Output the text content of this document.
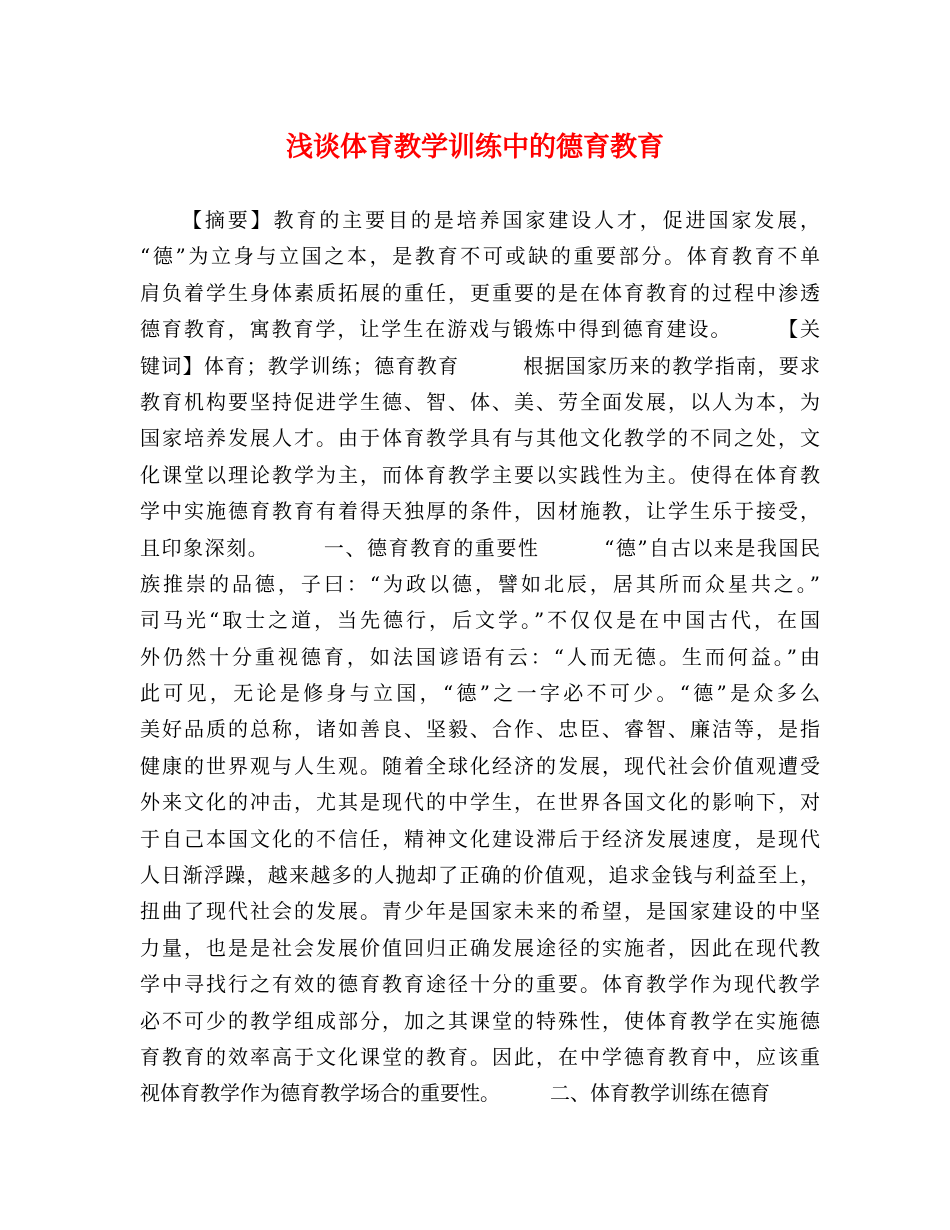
浅谈体育教学训练中的德育教育
【摘要】教育的主要目的是培养国家建设人才，促进国家发展，
“德”为立身与立国之本，是教育不可或缺的重要部分。体育教育不单
肩负着学生身体素质拓展的重任，更重要的是在体育教育的过程中渗透
德育教育，寓教育学，让学生在游戏与锻炼中得到德育建设。　　　【关
键词】体育；教学训练；德育教育　　　根据国家历来的教学指南，要求
教育机构要坚持促进学生德、智、体、美、劳全面发展，以人为本，为
国家培养发展人才。由于体育教学具有与其他文化教学的不同之处，文
化课堂以理论教学为主，而体育教学主要以实践性为主。使得在体育教
学中实施德育教育有着得天独厚的条件，因材施教，让学生乐于接受，
且印象深刻。　　　一、德育教育的重要性　　　“德”自古以来是我国民
族推崇的品德，子曰：“为政以德，譬如北辰，居其所而众星共之。”
司马光“取士之道，当先德行，后文学。”不仅仅是在中国古代，在国
外仍然十分重视德育，如法国谚语有云：“人而无德。生而何益。”由
此可见，无论是修身与立国，“德”之一字必不可少。“德”是众多么
美好品质的总称，诸如善良、坚毅、合作、忠臣、睿智、廉洁等，是指
健康的世界观与人生观。随着全球化经济的发展，现代社会价值观遭受
外来文化的冲击，尤其是现代的中学生，在世界各国文化的影响下，对
于自己本国文化的不信任，精神文化建设滞后于经济发展速度，是现代
人日渐浮躁，越来越多的人抛却了正确的价值观，追求金钱与利益至上，
扭曲了现代社会的发展。青少年是国家未来的希望，是国家建设的中坚
力量，也是是社会发展价值回归正确发展途径的实施者，因此在现代教
学中寻找行之有效的德育教育途径十分的重要。体育教学作为现代教学
必不可少的教学组成部分，加之其课堂的特殊性，使体育教学在实施德
育教育的效率高于文化课堂的教育。因此，在中学德育教育中，应该重
视体育教学作为德育教学场合的重要性。　　　二、体育教学训练在德育
